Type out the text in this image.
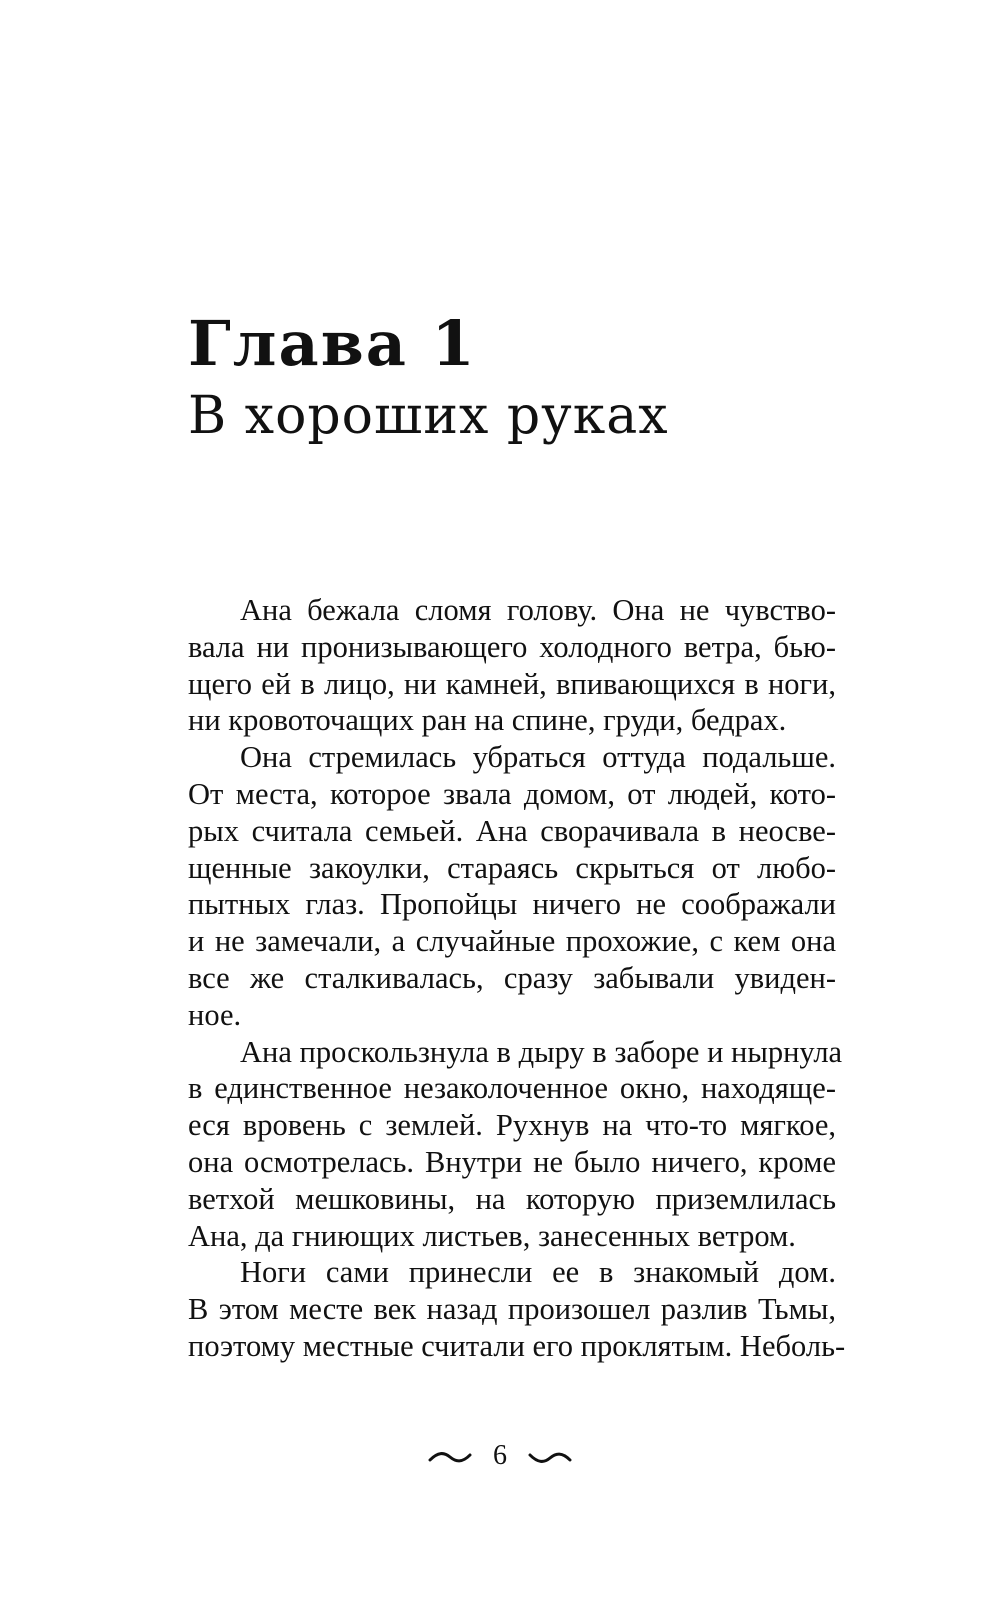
Глава 1
В хороших руках
Ана бежала сломя голову. Она не чувство-
вала ни пронизывающего холодного ветра, бью-
щего ей в лицо, ни камней, впивающихся в ноги,
ни кровоточащих ран на спине, груди, бедрах.
Она стремилась убраться оттуда подальше.
От места, которое звала домом, от людей, кото-
рых считала семьей. Ана сворачивала в неосве-
щенные закоулки, стараясь скрыться от любо-
пытных глаз. Пропойцы ничего не соображали
и не замечали, а случайные прохожие, с кем она
все же сталкивалась, сразу забывали увиден-
ное.
Ана проскользнула в дыру в заборе и нырнула
в единственное незаколоченное окно, находяще-
еся вровень с землей. Рухнув на что-то мягкое,
она осмотрелась. Внутри не было ничего, кроме
ветхой мешковины, на которую приземлилась
Ана, да гниющих листьев, занесенных ветром.
Ноги сами принесли ее в знакомый дом.
В этом месте век назад произошел разлив Тьмы,
поэтому местные считали его проклятым. Неболь-
6
